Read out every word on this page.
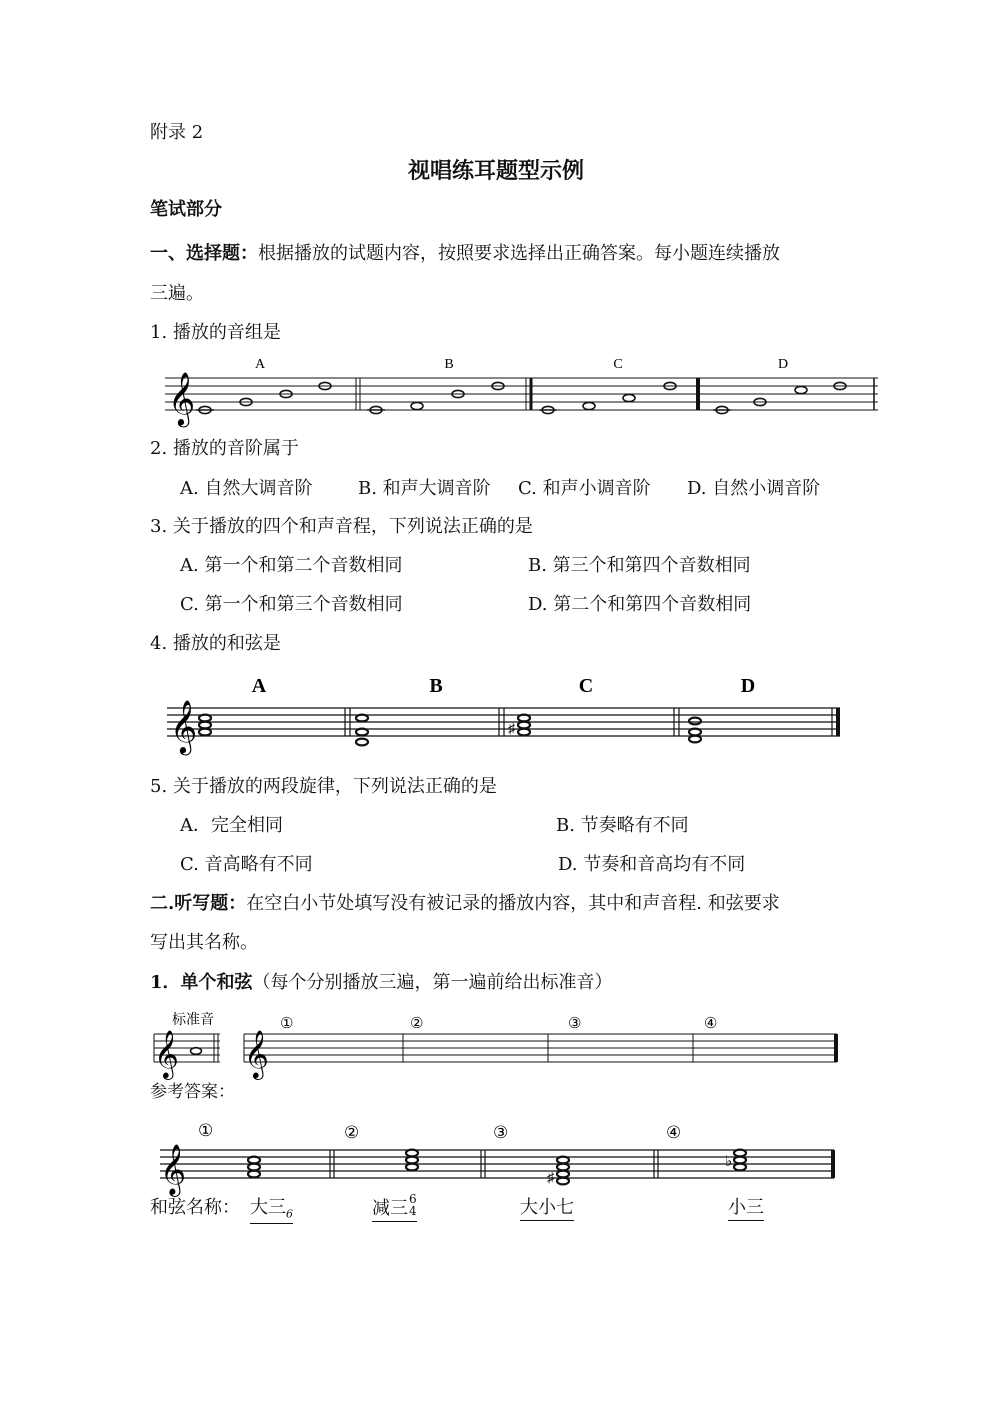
附录 2
视唱练耳题型示例
笔试部分
一、选择题：根据播放的试题内容，按照要求选择出正确答案。每小题连续播放
三遍。
1. 播放的音组是
A	B	C	D
𝄞
2. 播放的音阶属于
A. 自然大调音阶	B. 和声大调音阶 C. 和声小调音阶 D. 自然小调音阶
3. 关于播放的四个和声音程，下列说法正确的是
A. 第一个和第二个音数相同	B. 第三个和第四个音数相同
C. 第一个和第三个音数相同	D. 第二个和第四个音数相同
4. 播放的和弦是
A	B	C	D
𝄞	♯
5. 关于播放的两段旋律，下列说法正确的是
A．完全相同	B. 节奏略有不同
C. 音高略有不同	D. 节奏和音高均有不同
二.听写题：在空白小节处填写没有被记录的播放内容，其中和声音程. 和弦要求
写出其名称。
1．单个和弦（每个分别播放三遍，第一遍前给出标准音）
标准音
𝄞
①	②	③	④
𝄞
参考答案：
①	②	③	④
𝄞	♯
♭
和弦名称： 大三$_6$	减三 6
4	大小七	小三
